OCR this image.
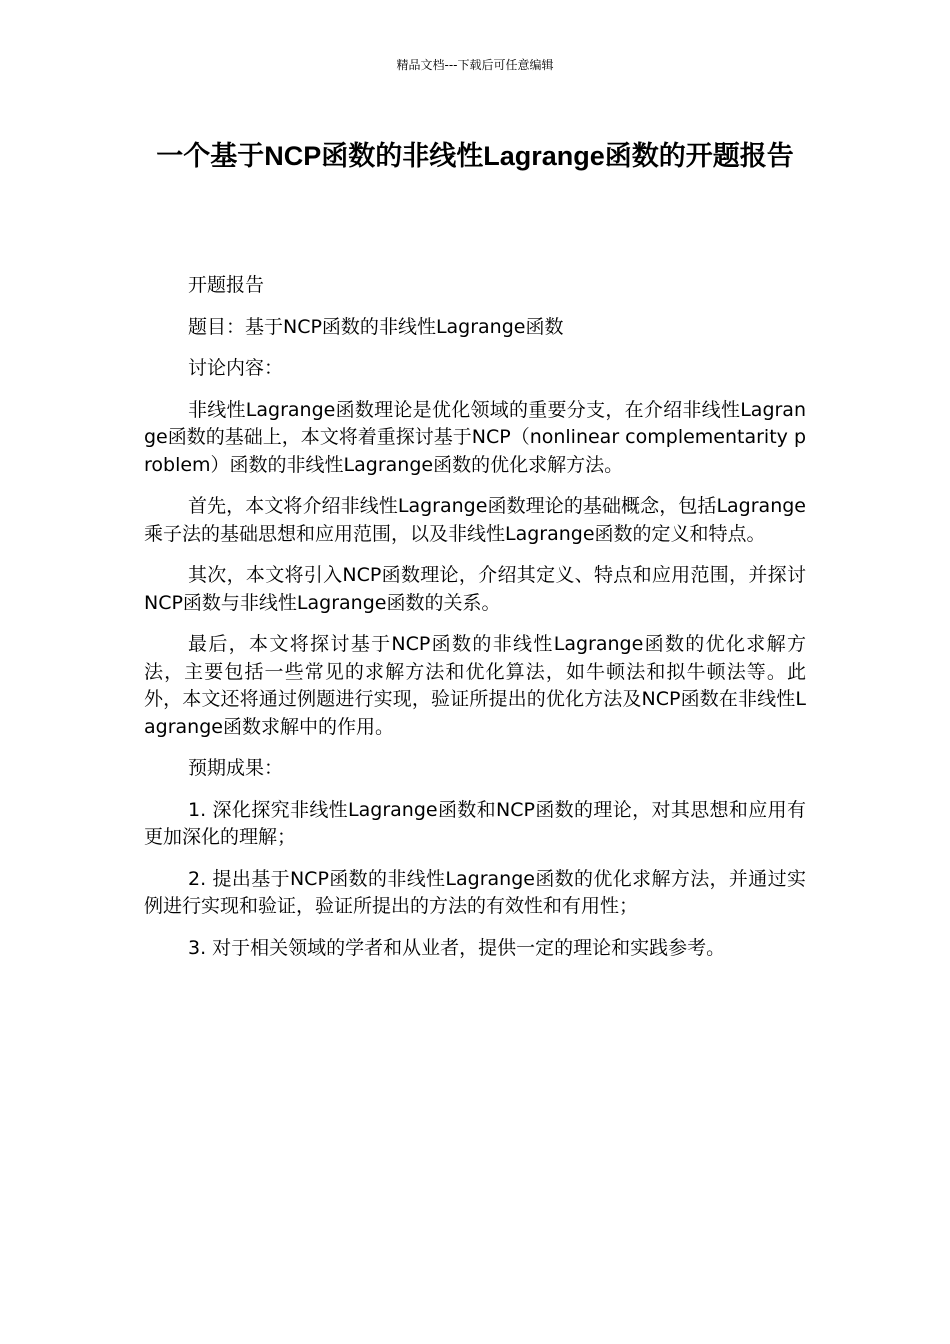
精品文档---下载后可任意编辑
一个基于NCP函数的非线性Lagrange函数的开题报告

开题报告

题目：基于NCP函数的非线性Lagrange函数

讨论内容：

非线性Lagrange函数理论是优化领域的重要分支，在介绍非线性Lagrange函数的基础上，本文将着重探讨基于NCP（nonlinear complementarity problem）函数的非线性Lagrange函数的优化求解方法。

首先，本文将介绍非线性Lagrange函数理论的基础概念，包括Lagrange乘子法的基础思想和应用范围，以及非线性Lagrange函数的定义和特点。

其次，本文将引入NCP函数理论，介绍其定义、特点和应用范围，并探讨NCP函数与非线性Lagrange函数的关系。

最后，本文将探讨基于NCP函数的非线性Lagrange函数的优化求解方法，主要包括一些常见的求解方法和优化算法，如牛顿法和拟牛顿法等。此外，本文还将通过例题进行实现，验证所提出的优化方法及NCP函数在非线性Lagrange函数求解中的作用。

预期成果：

1. 深化探究非线性Lagrange函数和NCP函数的理论，对其思想和应用有更加深化的理解；

2. 提出基于NCP函数的非线性Lagrange函数的优化求解方法，并通过实例进行实现和验证，验证所提出的方法的有效性和有用性；

3. 对于相关领域的学者和从业者，提供一定的理论和实践参考。
